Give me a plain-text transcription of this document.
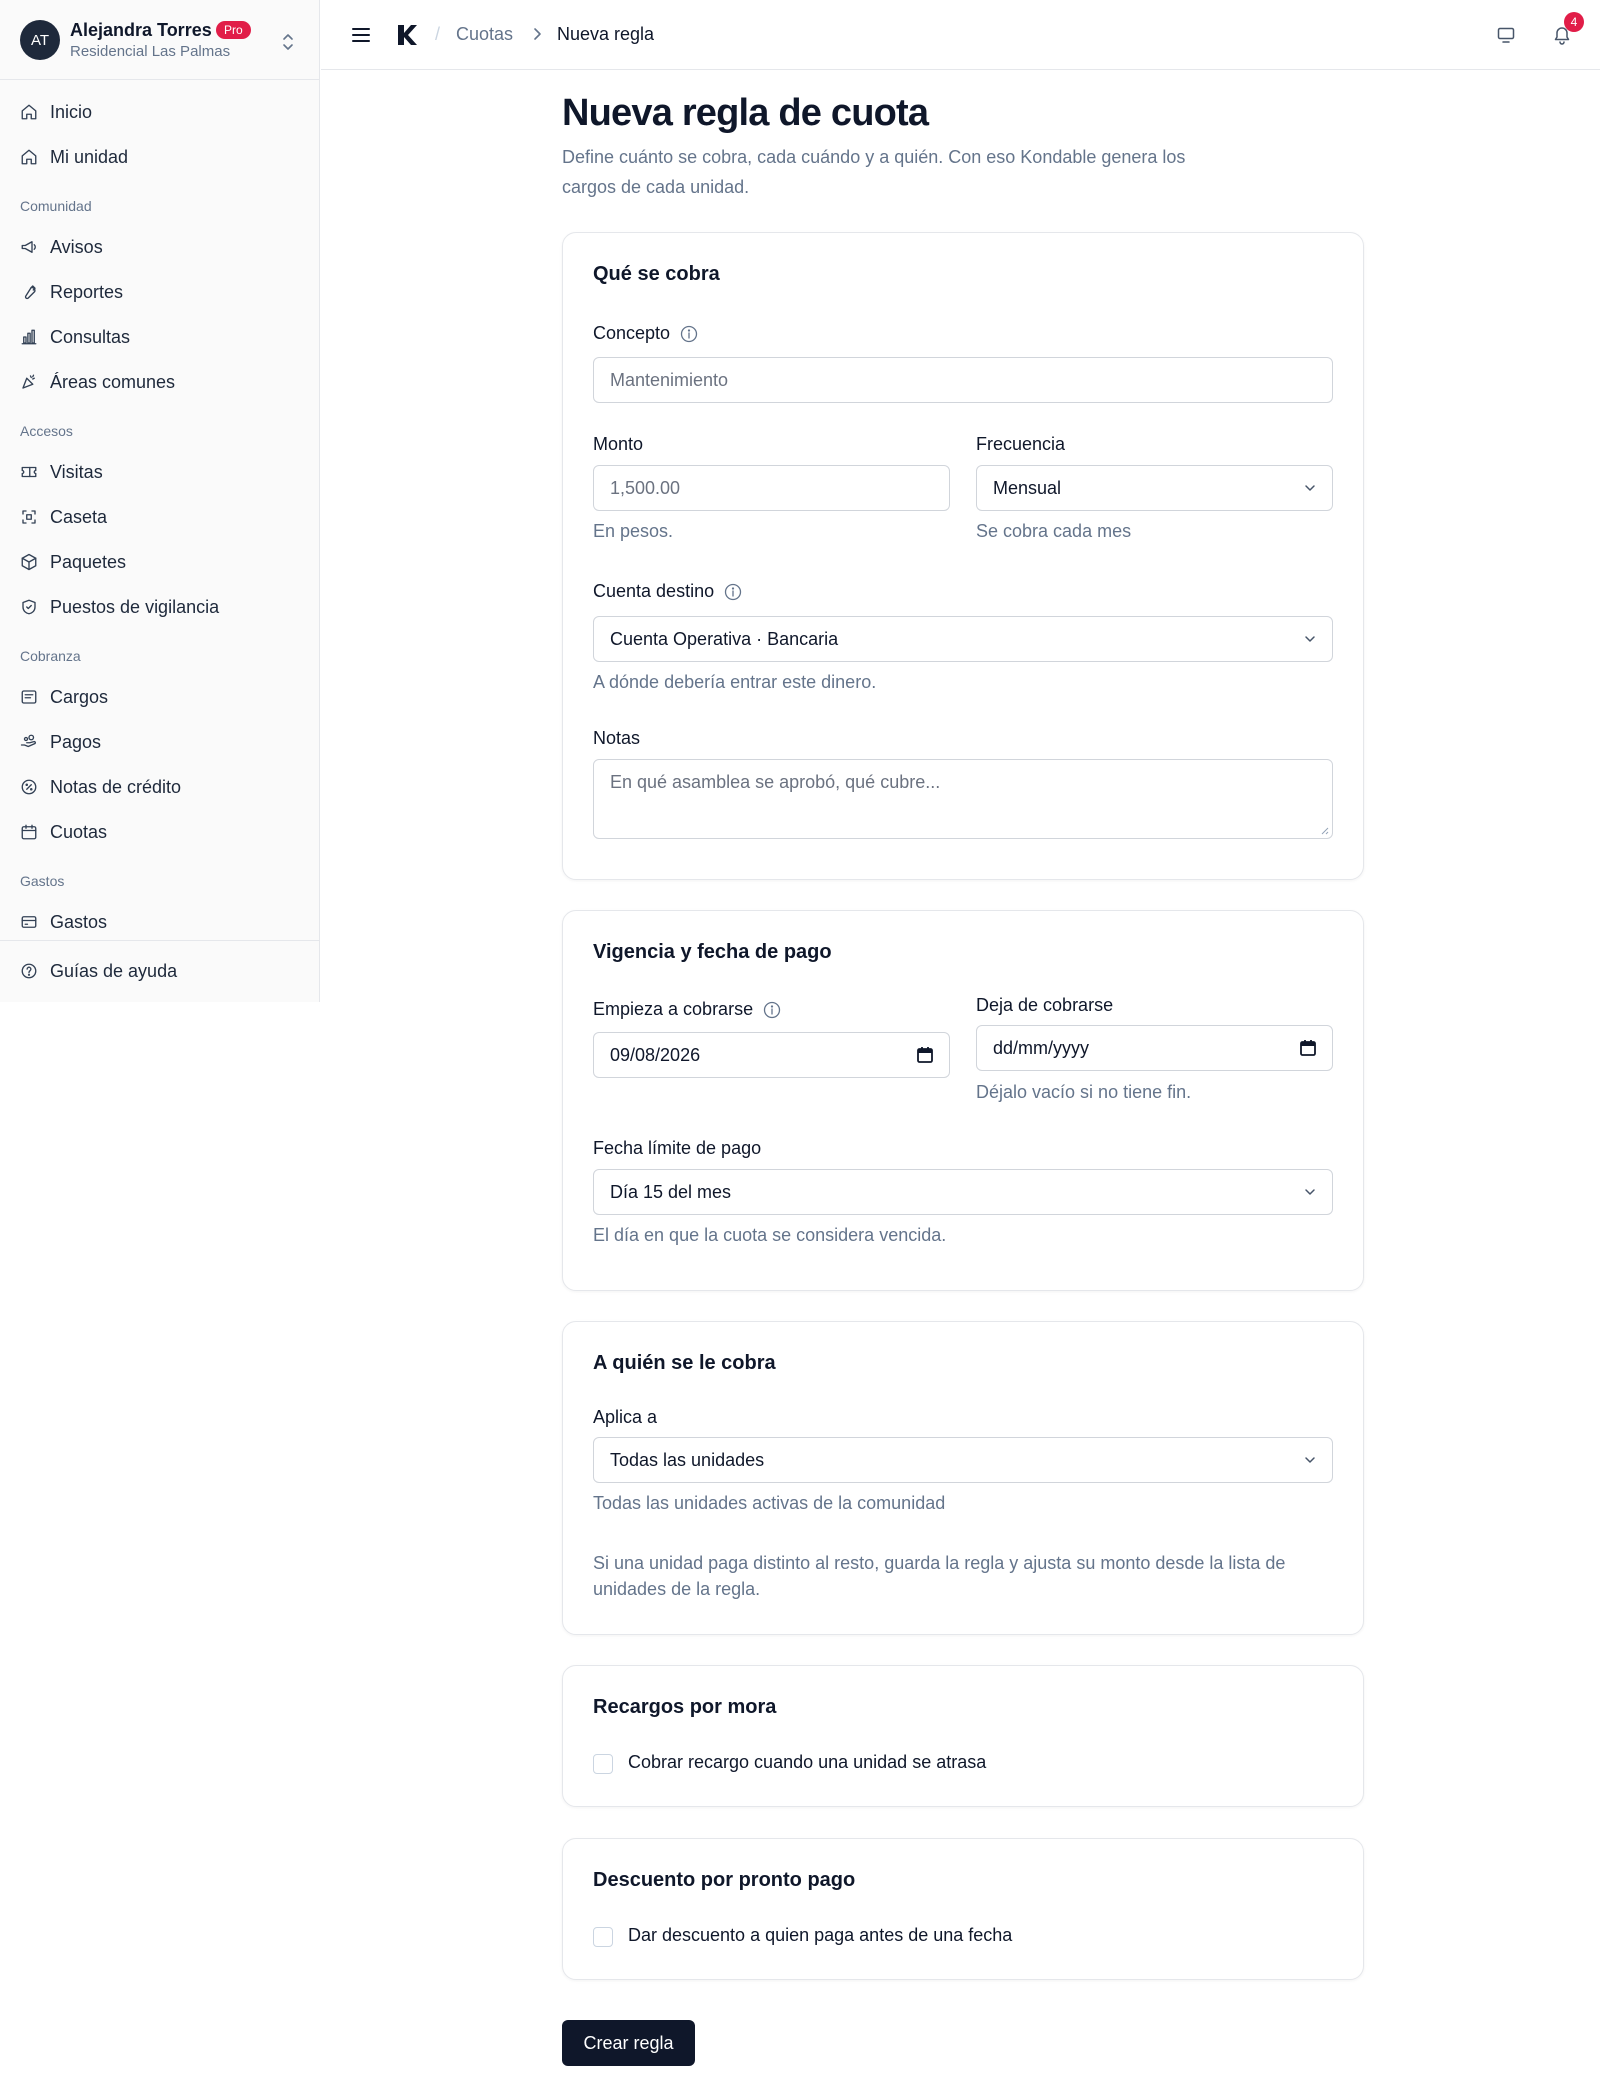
AT	Alejandra Torres	Pro
Residencial Las Palmas
Inicio
Mi unidad
Comunidad
Avisos
Reportes
Consultas
Áreas comunes
Accesos
Visitas
Caseta
Paquetes
Puestos de vigilancia
Cobranza
Cargos
Pagos
Notas de crédito
Cuotas
Gastos
Gastos
Guías de ayuda
/ Cuotas Nueva regla
4
Nueva regla de cuota

Define cuánto se cobra, cada cuándo y a quién. Con eso Kondable genera los cargos de cada unidad.

Qué se cobra
Concepto
Mantenimiento
Monto
1,500.00
En pesos.
Frecuencia
Mensual
Se cobra cada mes
Cuenta destino
Cuenta Operativa · Bancaria
A dónde debería entrar este dinero.
Notas
En qué asamblea se aprobó, qué cubre...
Vigencia y fecha de pago
Empieza a cobrarse
09/08/2026
Deja de cobrarse
dd/mm/yyyy
Déjalo vacío si no tiene fin.
Fecha límite de pago
Día 15 del mes
El día en que la cuota se considera vencida.
A quién se le cobra
Aplica a
Todas las unidades
Todas las unidades activas de la comunidad
Si una unidad paga distinto al resto, guarda la regla y ajusta su monto desde la lista de unidades de la regla.
Recargos por mora
Cobrar recargo cuando una unidad se atrasa
Descuento por pronto pago
Dar descuento a quien paga antes de una fecha
Crear regla
